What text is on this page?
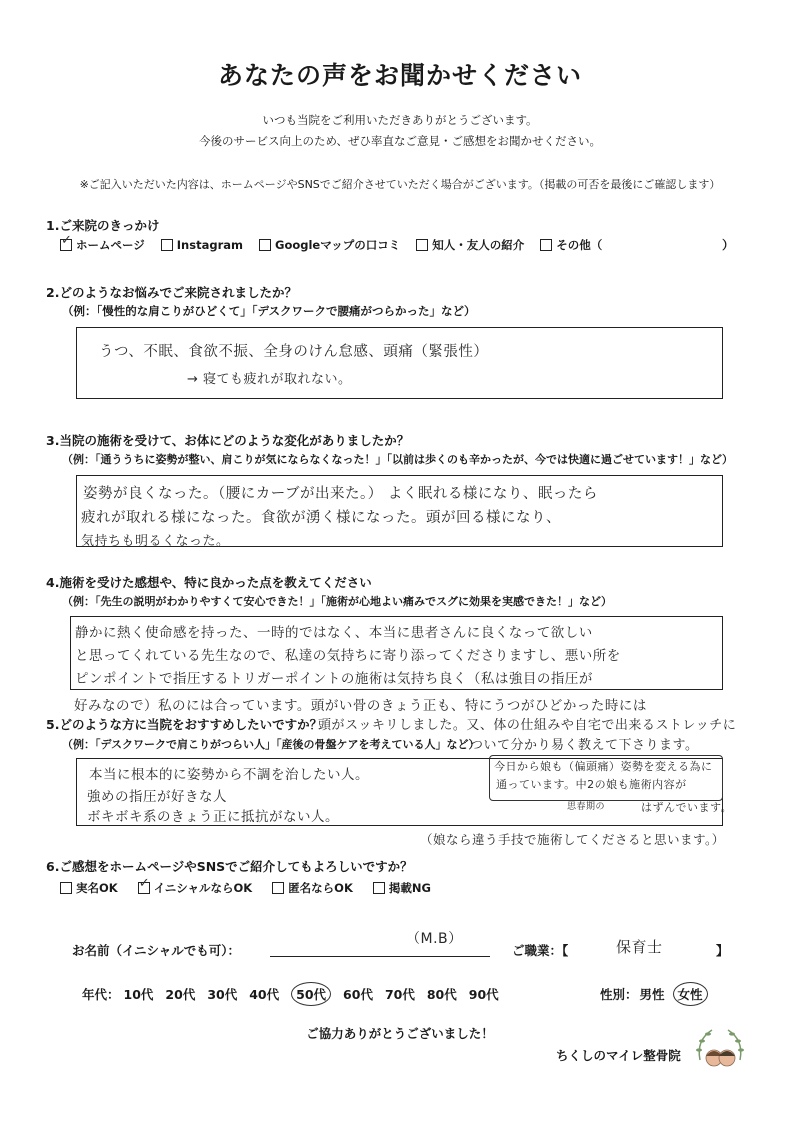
あなたの声をお聞かせください
いつも当院をご利用いただきありがとうございます。
今後のサービス向上のため、ぜひ率直なご意見・ご感想をお聞かせください。
※ご記入いただいた内容は、ホームページやSNSでご紹介させていただく場合がございます。（掲載の可否を最後にご確認します）
1.ご来院のきっかけ
✓
ホームページ	Instagram	Googleマップの口コミ	知人・友人の紹介	その他（	）
2.どのようなお悩みでご来院されましたか？
（例：「慢性的な肩こりがひどくて」「デスクワークで腰痛がつらかった」など）
うつ、不眠、食欲不振、全身のけん怠感、頭痛（緊張性）
→ 寝ても疲れが取れない。
3.当院の施術を受けて、お体にどのような変化がありましたか？
（例：「通ううちに姿勢が整い、肩こりが気にならなくなった！」「以前は歩くのも辛かったが、今では快適に過ごせています！」など）
姿勢が良くなった。（腰にカーブが出来た。） よく眠れる様になり、眠ったら
疲れが取れる様になった。食欲が湧く様になった。頭が回る様になり、
気持ちも明るくなった。
4.施術を受けた感想や、特に良かった点を教えてください
（例：「先生の説明がわかりやすくて安心できた！」「施術が心地よい痛みでスグに効果を実感できた！」など）
静かに熱く使命感を持った、一時的ではなく、本当に患者さんに良くなって欲しい
と思ってくれている先生なので、私達の気持ちに寄り添ってくださりますし、悪い所を
ピンポイントで指圧するトリガーポイントの施術は気持ち良く（私は強目の指圧が
好みなので）私のには合っています。頭がい骨のきょう正も、特にうつがひどかった時には
頭がスッキリしました。又、体の仕組みや自宅で出来るストレッチに
ついて分かり易く教えて下さります。
5.どのような方に当院をおすすめしたいですか？
（例：「デスクワークで肩こりがつらい人」「産後の骨盤ケアを考えている人」など）
本当に根本的に姿勢から不調を治したい人。
強めの指圧が好きな人
ボキボキ系のきょう正に抵抗がない人。
今日から娘も（偏頭痛）姿勢を変える為に
通っています。中2の娘も施術内容が
思春期の	はずんでいます。
（娘なら違う手技で施術してくださると思います。）
6.ご感想をホームページやSNSでご紹介してもよろしいですか？
実名OK
✓	イニシャルならOK	匿名ならOK	掲載NG
お名前（イニシャルでも可）：
（M.B）
ご職業：【	保育士	】
年代： 10代 20代 30代 40代	50代	60代 70代 80代 90代	性別： 男性	女性
ご協力ありがとうございました！
ちくしのマイレ整骨院
